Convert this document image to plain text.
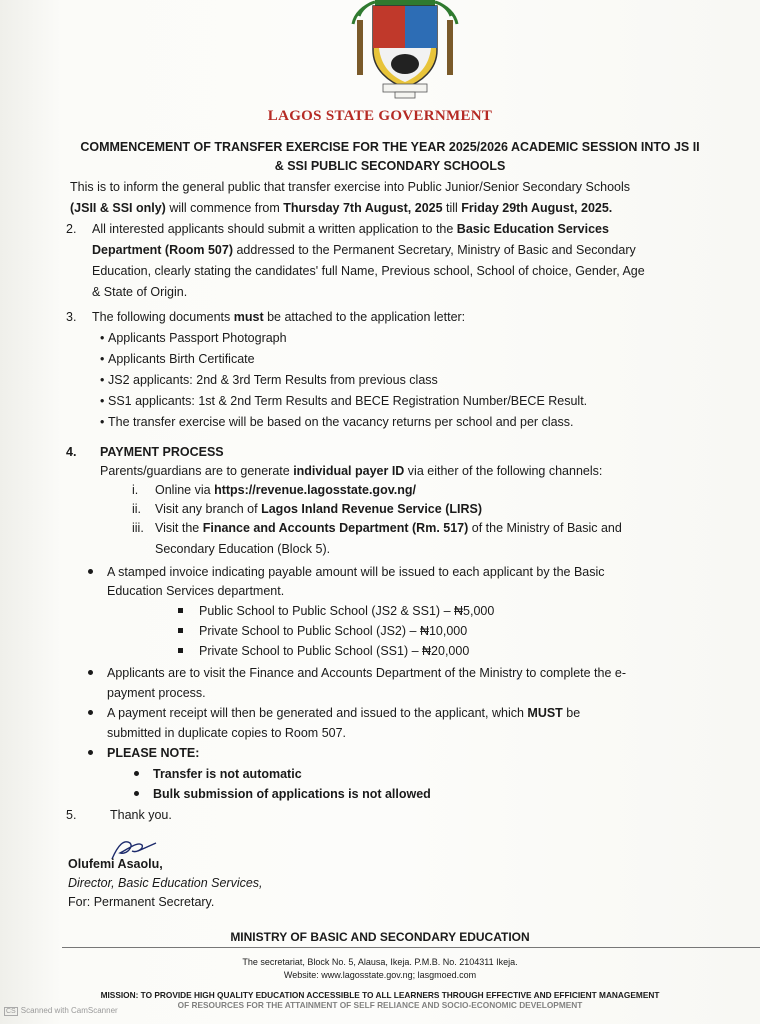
LAGOS STATE GOVERNMENT
COMMENCEMENT OF TRANSFER EXERCISE FOR THE YEAR 2025/2026 ACADEMIC SESSION INTO JS II
& SSI PUBLIC SECONDARY SCHOOLS
This is to inform the general public that transfer exercise into Public Junior/Senior Secondary Schools
(JSII & SSI only) will commence from Thursday 7th August, 2025 till Friday 29th August, 2025.
2. All interested applicants should submit a written application to the Basic Education Services
Department (Room 507) addressed to the Permanent Secretary, Ministry of Basic and Secondary
Education, clearly stating the candidates' full Name, Previous school, School of choice, Gender, Age
& State of Origin.
3. The following documents must be attached to the application letter:
• Applicants Passport Photograph
• Applicants Birth Certificate
• JS2 applicants: 2nd & 3rd Term Results from previous class
• SS1 applicants: 1st & 2nd Term Results and BECE Registration Number/BECE Result.
• The transfer exercise will be based on the vacancy returns per school and per class.
4. PAYMENT PROCESS
Parents/guardians are to generate individual payer ID via either of the following channels:
i. Online via https://revenue.lagosstate.gov.ng/
ii. Visit any branch of Lagos Inland Revenue Service (LIRS)
iii. Visit the Finance and Accounts Department (Rm. 517) of the Ministry of Basic and
Secondary Education (Block 5).
A stamped invoice indicating payable amount will be issued to each applicant by the Basic
Education Services department.
Public School to Public School (JS2 & SS1) – ₦5,000
Private School to Public School (JS2) – ₦10,000
Private School to Public School (SS1) – ₦20,000
Applicants are to visit the Finance and Accounts Department of the Ministry to complete the e-
payment process.
A payment receipt will then be generated and issued to the applicant, which MUST be
submitted in duplicate copies to Room 507.
PLEASE NOTE:
Transfer is not automatic
Bulk submission of applications is not allowed
5.	Thank you.
Olufemi Asaolu,
Director, Basic Education Services,
For: Permanent Secretary.
MINISTRY OF BASIC AND SECONDARY EDUCATION
The secretariat, Block No. 5, Alausa, Ikeja. P.M.B. No. 2104311 Ikeja.
Website: www.lagosstate.gov.ng; lasgmoed.com
MISSION: TO PROVIDE HIGH QUALITY EDUCATION ACCESSIBLE TO ALL LEARNERS THROUGH EFFECTIVE AND EFFICIENT MANAGEMENT
OF RESOURCES FOR THE ATTAINMENT OF SELF RELIANCE AND SOCIO-ECONOMIC DEVELOPMENT
CS Scanned with CamScanner
